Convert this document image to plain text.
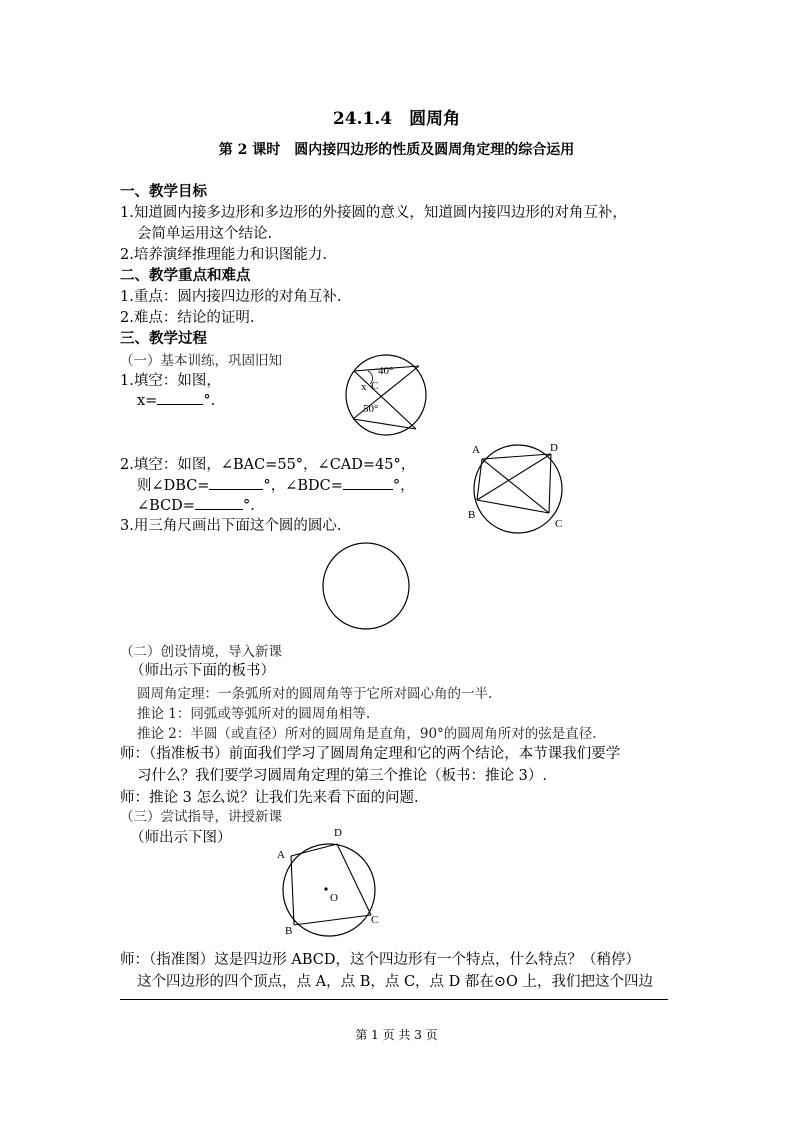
24.1.4　圆周角
第 2 课时　圆内接四边形的性质及圆周角定理的综合运用
一、教学目标
1.知道圆内接多边形和多边形的外接圆的意义，知道圆内接四边形的对角互补，
会简单运用这个结论.
2.培养演绎推理能力和识图能力.
二、教学重点和难点
1.重点：圆内接四边形的对角互补.
2.难点：结论的证明.
三、教学过程
（一）基本训练，巩固旧知
1.填空：如图，
x=	°.
40°
50°
x C
2.填空：如图，∠BAC=55°，∠CAD=45°，
则∠DBC=	°，∠BDC=	°，
∠BCD=	°.
A	D
B
C
3.用三角尺画出下面这个圆的圆心.
（二）创设情境，导入新课
（师出示下面的板书）
圆周角定理：一条弧所对的圆周角等于它所对圆心角的一半.
推论 1：同弧或等弧所对的圆周角相等.
推论 2：半圆（或直径）所对的圆周角是直角，90°的圆周角所对的弦是直径.
师：（指准板书）前面我们学习了圆周角定理和它的两个结论，本节课我们要学
习什么？我们要学习圆周角定理的第三个推论（板书：推论 3）.
师：推论 3 怎么说？让我们先来看下面的问题.
（三）尝试指导，讲授新课
（师出示下图）
A
D
B
C
O
师：（指准图）这是四边形 ABCD，这个四边形有一个特点，什么特点？（稍停）
这个四边形的四个顶点，点 A，点 B，点 C，点 D 都在⊙O 上，我们把这个四边
第 1 页 共 3 页
